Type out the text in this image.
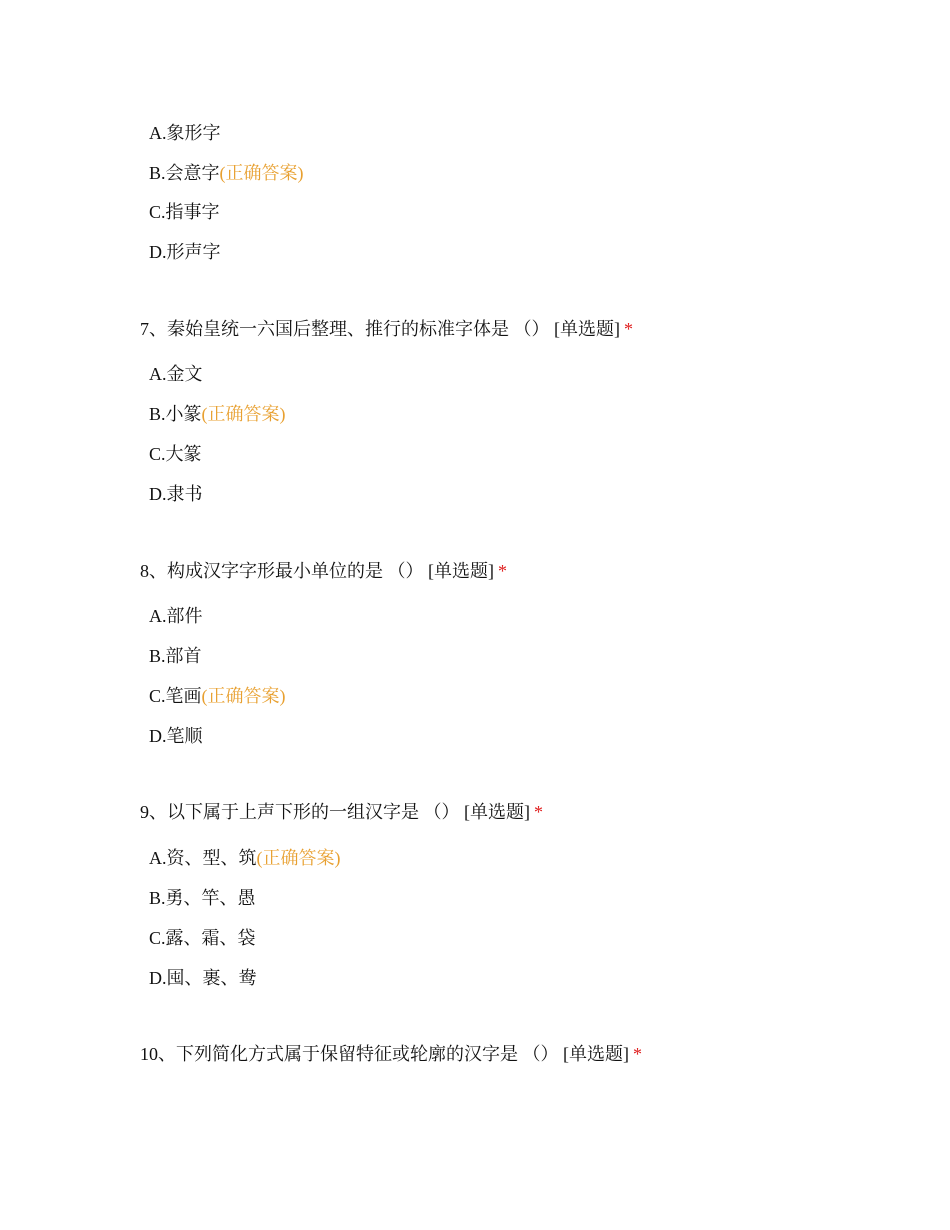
A.象形字
B.会意字(正确答案)
C.指事字
D.形声字
7、秦始皇统一六国后整理、推行的标准字体是 （） [单选题] *
A.金文
B.小篆(正确答案)
C.大篆
D.隶书
8、构成汉字字形最小单位的是 （） [单选题] *
A.部件
B.部首
C.笔画(正确答案)
D.笔顺
9、以下属于上声下形的一组汉字是 （） [单选题] *
A.资、型、筑(正确答案)
B.勇、竿、愚
C.露、霜、袋
D.囤、裹、鸯
10、下列简化方式属于保留特征或轮廓的汉字是 （） [单选题] *
